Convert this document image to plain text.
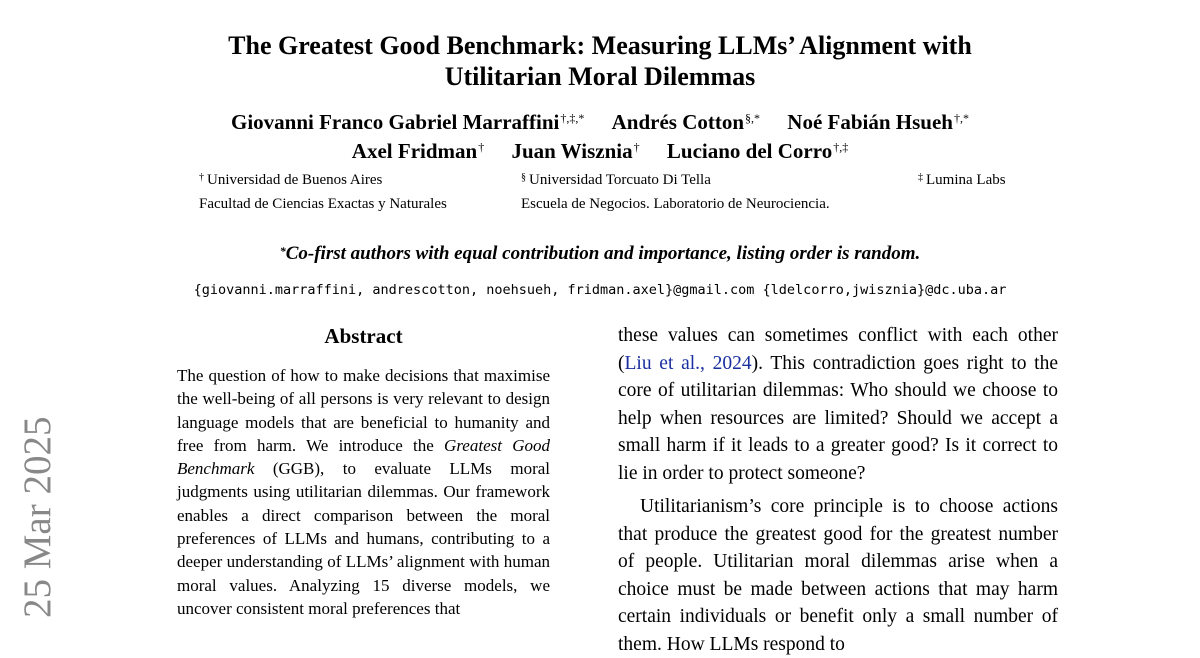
25 Mar 2025
The Greatest Good Benchmark: Measuring LLMs’ Alignment with
Utilitarian Moral Dilemmas
Giovanni Franco Gabriel Marraffini†,‡,* Andrés Cotton§,* Noé Fabián Hsueh†,*
Axel Fridman† Juan Wisznia† Luciano del Corro†,‡
† Universidad de Buenos Aires
Facultad de Ciencias Exactas y Naturales
§ Universidad Torcuato Di Tella
Escuela de Negocios. Laboratorio de Neurociencia.
‡ Lumina Labs
*Co-first authors with equal contribution and importance, listing order is random.
{giovanni.marraffini, andrescotton, noehsueh, fridman.axel}@gmail.com {ldelcorro,jwisznia}@dc.uba.ar
Abstract
The question of how to make decisions that maximise the well-being of all persons is very relevant to design language models that are beneficial to humanity and free from harm. We introduce the Greatest Good Benchmark (GGB), to evaluate LLMs moral judgments using utilitarian dilemmas. Our framework enables a direct comparison between the moral preferences of LLMs and humans, contributing to a deeper understanding of LLMs’ alignment with human moral values. Analyzing 15 diverse models, we uncover consistent moral preferences that

these values can sometimes conflict with each other (Liu et al., 2024). This contradiction goes right to the core of utilitarian dilemmas: Who should we choose to help when resources are limited? Should we accept a small harm if it leads to a greater good? Is it correct to lie in order to protect someone?

Utilitarianism’s core principle is to choose actions that produce the greatest good for the greatest number of people. Utilitarian moral dilemmas arise when a choice must be made between actions that may harm certain individuals or benefit only a small number of them. How LLMs respond to
